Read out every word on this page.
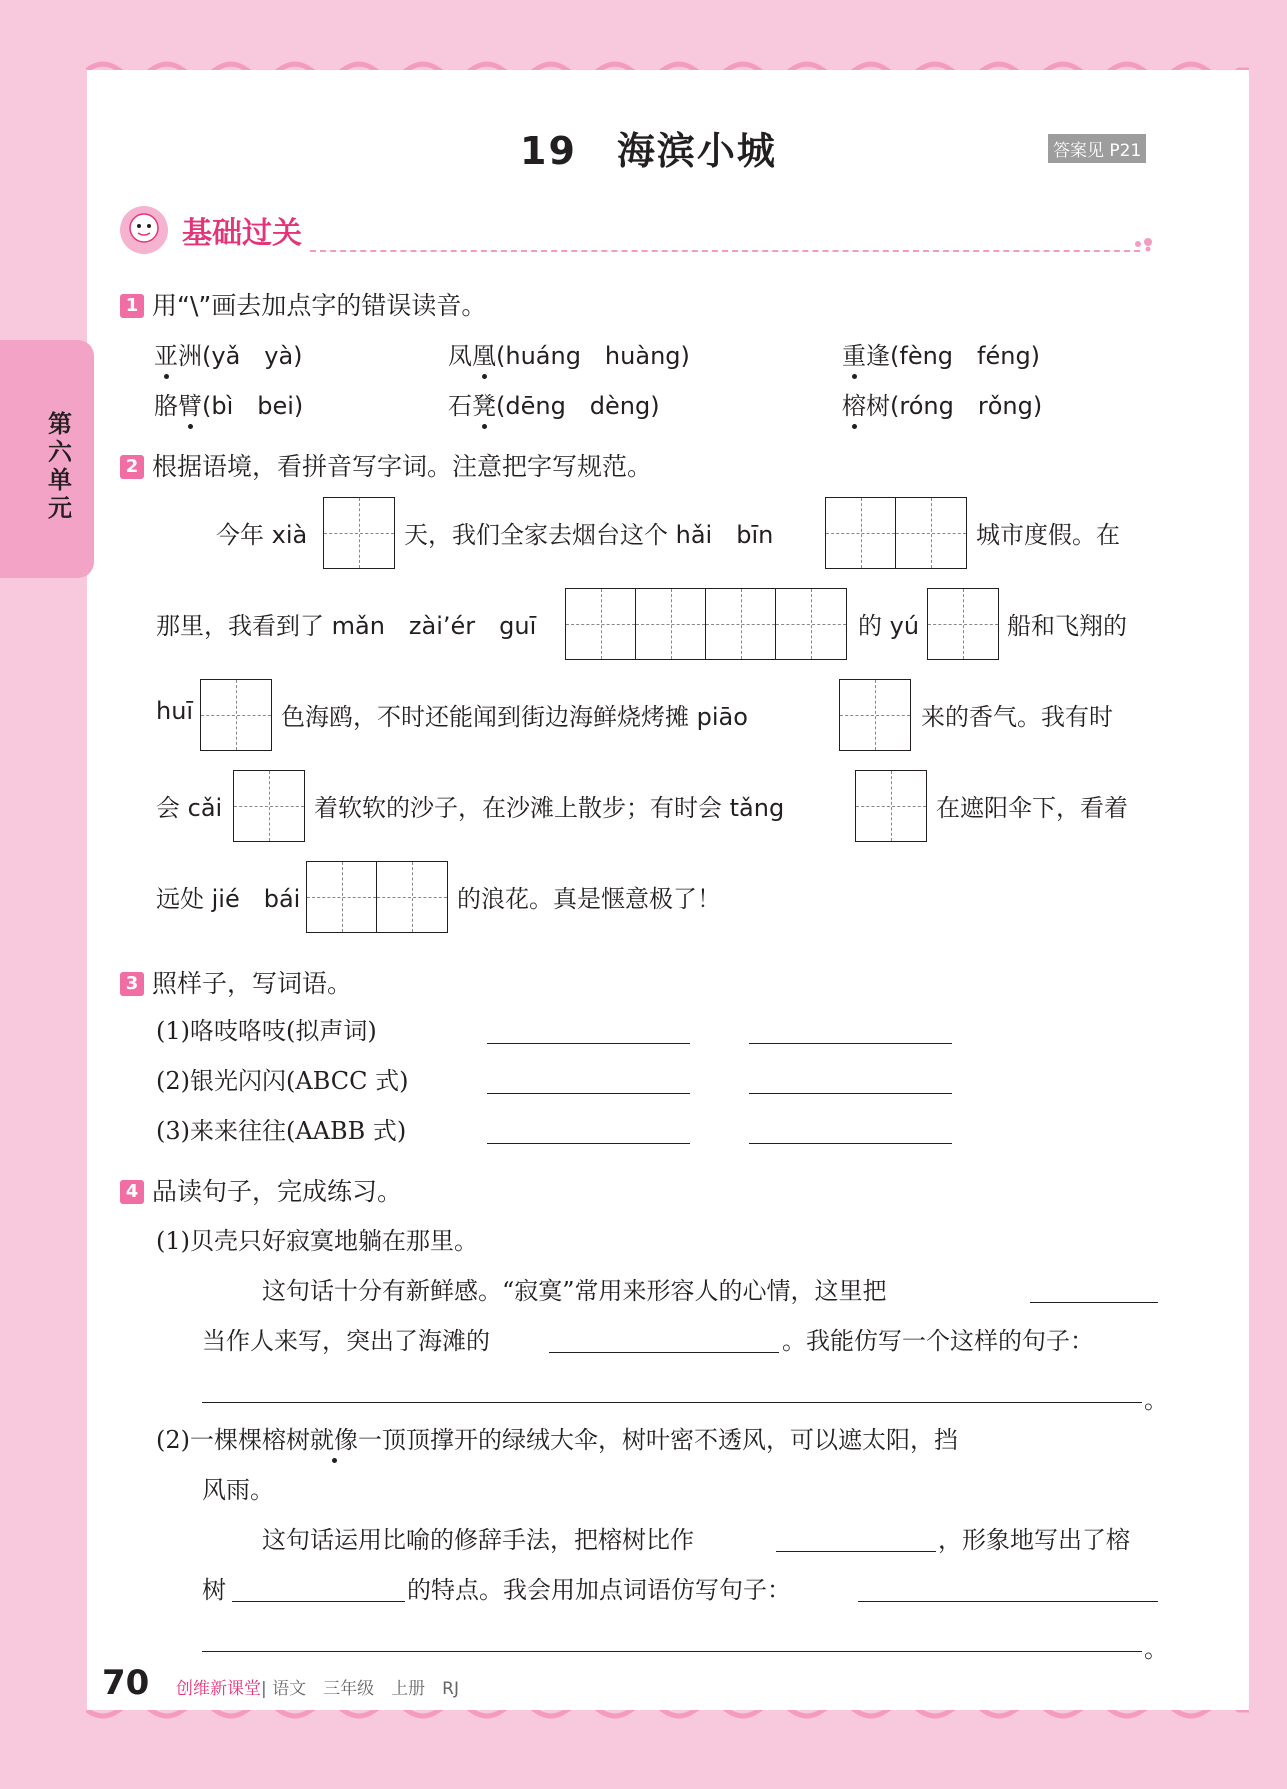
第六单元
19　海滨小城	答案见 P21
基础过关
1 用“\”画去加点字的错误读音。
亚洲(yǎ　yà)	凤凰(huáng　huàng)	重逢(fèng　féng)
胳臂(bì　bei)	石凳(dēng　dèng)	榕树(róng　rǒng)
2 根据语境，看拼音写字词。注意把字写规范。
今年 xià	天，我们全家去烟台这个 hǎi　bīn	城市度假。在
那里，我看到了 mǎn　zài’ér　guī	的 yú	船和飞翔的
huī	色海鸥，不时还能闻到街边海鲜烧烤摊 piāo	来的香气。我有时
会 cǎi	着软软的沙子，在沙滩上散步；有时会 tǎng	在遮阳伞下，看着
远处 jié　bái	的浪花。真是惬意极了！
3 照样子，写词语。
(1)咯吱咯吱(拟声词)
(2)银光闪闪(ABCC 式)
(3)来来往往(AABB 式)
4 品读句子，完成练习。
(1)贝壳只好寂寞地躺在那里。
这句话十分有新鲜感。“寂寞”常用来形容人的心情，这里把
当作人来写，突出了海滩的	。我能仿写一个这样的句子：
。
(2)一棵棵榕树就像一顶顶撑开的绿绒大伞，树叶密不透风，可以遮太阳，挡
风雨。
这句话运用比喻的修辞手法，把榕树比作	，形象地写出了榕
树	的特点。我会用加点词语仿写句子：
。
70 创维新课堂| 语文　三年级　上册　RJ
